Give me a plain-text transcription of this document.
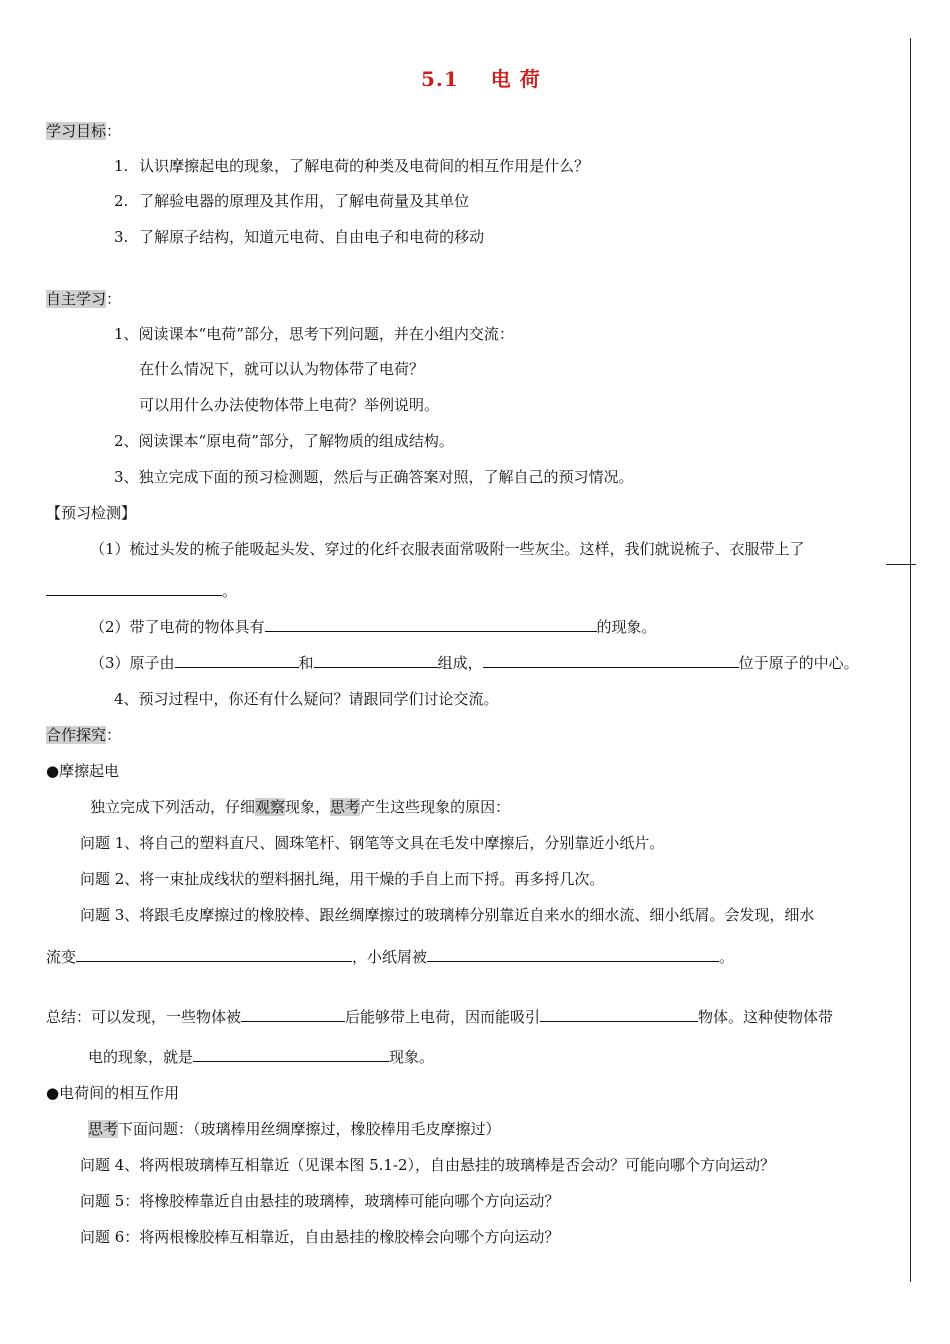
5.1 电 荷
学习目标：
1. 认识摩擦起电的现象，了解电荷的种类及电荷间的相互作用是什么？
2. 了解验电器的原理及其作用，了解电荷量及其单位
3. 了解原子结构，知道元电荷、自由电子和电荷的移动
自主学习：
1、阅读课本“电荷”部分，思考下列问题，并在小组内交流：
在什么情况下，就可以认为物体带了电荷？
可以用什么办法使物体带上电荷？举例说明。
2、阅读课本“原电荷”部分，了解物质的组成结构。
3、独立完成下面的预习检测题，然后与正确答案对照，了解自己的预习情况。
【预习检测】
（1）梳过头发的梳子能吸起头发、穿过的化纤衣服表面常吸附一些灰尘。这样，我们就说梳子、衣服带上了
。
（2）带了电荷的物体具有	的现象。
（3）原子由	和	组成，	位于原子的中心。
4、预习过程中，你还有什么疑问？请跟同学们讨论交流。
合作探究：
●摩擦起电
独立完成下列活动，仔细观察现象，思考产生这些现象的原因：
问题 1、将自己的塑料直尺、圆珠笔杆、钢笔等文具在毛发中摩擦后，分别靠近小纸片。
问题 2、将一束扯成线状的塑料捆扎绳，用干燥的手自上而下捋。再多捋几次。
问题 3、将跟毛皮摩擦过的橡胶棒、跟丝绸摩擦过的玻璃棒分别靠近自来水的细水流、细小纸屑。会发现，细水
流变	，小纸屑被	。
总结：可以发现，一些物体被	后能够带上电荷，因而能吸引	物体。这种使物体带
电的现象，就是	现象。
●电荷间的相互作用
思考下面问题：（玻璃棒用丝绸摩擦过，橡胶棒用毛皮摩擦过）
问题 4、将两根玻璃棒互相靠近（见课本图 5.1-2），自由悬挂的玻璃棒是否会动？可能向哪个方向运动？
问题 5：将橡胶棒靠近自由悬挂的玻璃棒，玻璃棒可能向哪个方向运动？
问题 6：将两根橡胶棒互相靠近，自由悬挂的橡胶棒会向哪个方向运动？
